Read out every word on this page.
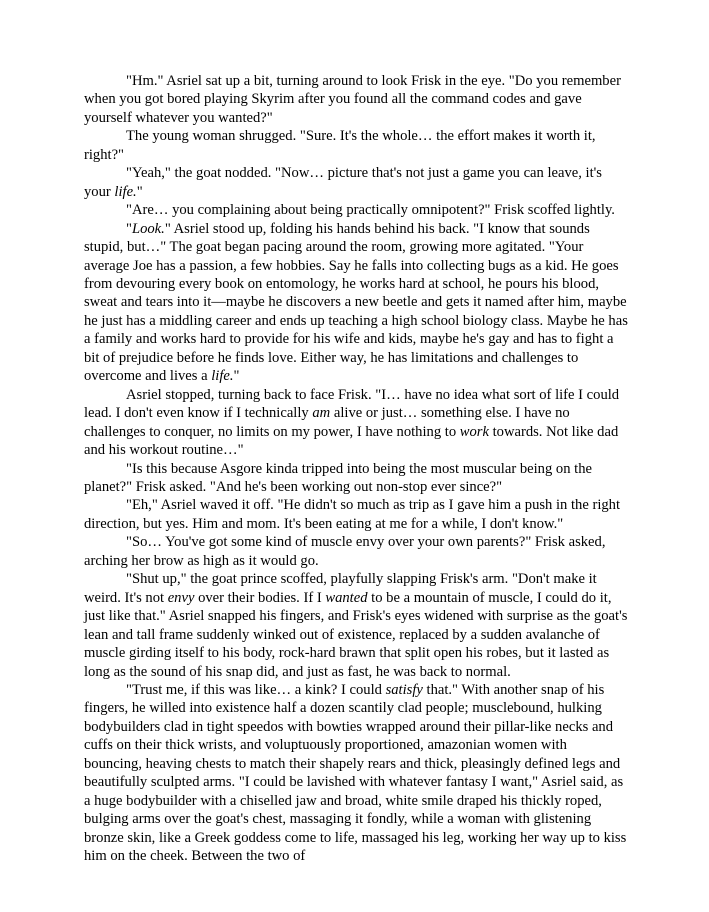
"Hm." Asriel sat up a bit, turning around to look Frisk in the eye. "Do you remember when you got bored playing Skyrim after you found all the command codes and gave yourself whatever you wanted?"

The young woman shrugged. "Sure. It's the whole… the effort makes it worth it, right?"

"Yeah," the goat nodded. "Now… picture that's not just a game you can leave, it's your life."

"Are… you complaining about being practically omnipotent?" Frisk scoffed lightly.

"Look." Asriel stood up, folding his hands behind his back. "I know that sounds stupid, but…" The goat began pacing around the room, growing more agitated. "Your average Joe has a passion, a few hobbies. Say he falls into collecting bugs as a kid. He goes from devouring every book on entomology, he works hard at school, he pours his blood, sweat and tears into it—maybe he discovers a new beetle and gets it named after him, maybe he just has a middling career and ends up teaching a high school biology class. Maybe he has a family and works hard to provide for his wife and kids, maybe he's gay and has to fight a bit of prejudice before he finds love. Either way, he has limitations and challenges to overcome and lives a life."

Asriel stopped, turning back to face Frisk. "I… have no idea what sort of life I could lead. I don't even know if I technically am alive or just… something else. I have no challenges to conquer, no limits on my power, I have nothing to work towards. Not like dad and his workout routine…"

"Is this because Asgore kinda tripped into being the most muscular being on the planet?" Frisk asked. "And he's been working out non-stop ever since?"

"Eh," Asriel waved it off. "He didn't so much as trip as I gave him a push in the right direction, but yes. Him and mom. It's been eating at me for a while, I don't know."

"So… You've got some kind of muscle envy over your own parents?" Frisk asked, arching her brow as high as it would go.

"Shut up," the goat prince scoffed, playfully slapping Frisk's arm. "Don't make it weird. It's not envy over their bodies. If I wanted to be a mountain of muscle, I could do it, just like that." Asriel snapped his fingers, and Frisk's eyes widened with surprise as the goat's lean and tall frame suddenly winked out of existence, replaced by a sudden avalanche of muscle girding itself to his body, rock-hard brawn that split open his robes, but it lasted as long as the sound of his snap did, and just as fast, he was back to normal.

"Trust me, if this was like… a kink? I could satisfy that." With another snap of his fingers, he willed into existence half a dozen scantily clad people; musclebound, hulking bodybuilders clad in tight speedos with bowties wrapped around their pillar-like necks and cuffs on their thick wrists, and voluptuously proportioned, amazonian women with bouncing, heaving chests to match their shapely rears and thick, pleasingly defined legs and beautifully sculpted arms. "I could be lavished with whatever fantasy I want," Asriel said, as a huge bodybuilder with a chiselled jaw and broad, white smile draped his thickly roped, bulging arms over the goat's chest, massaging it fondly, while a woman with glistening bronze skin, like a Greek goddess come to life, massaged his leg, working her way up to kiss him on the cheek. Between the two of
